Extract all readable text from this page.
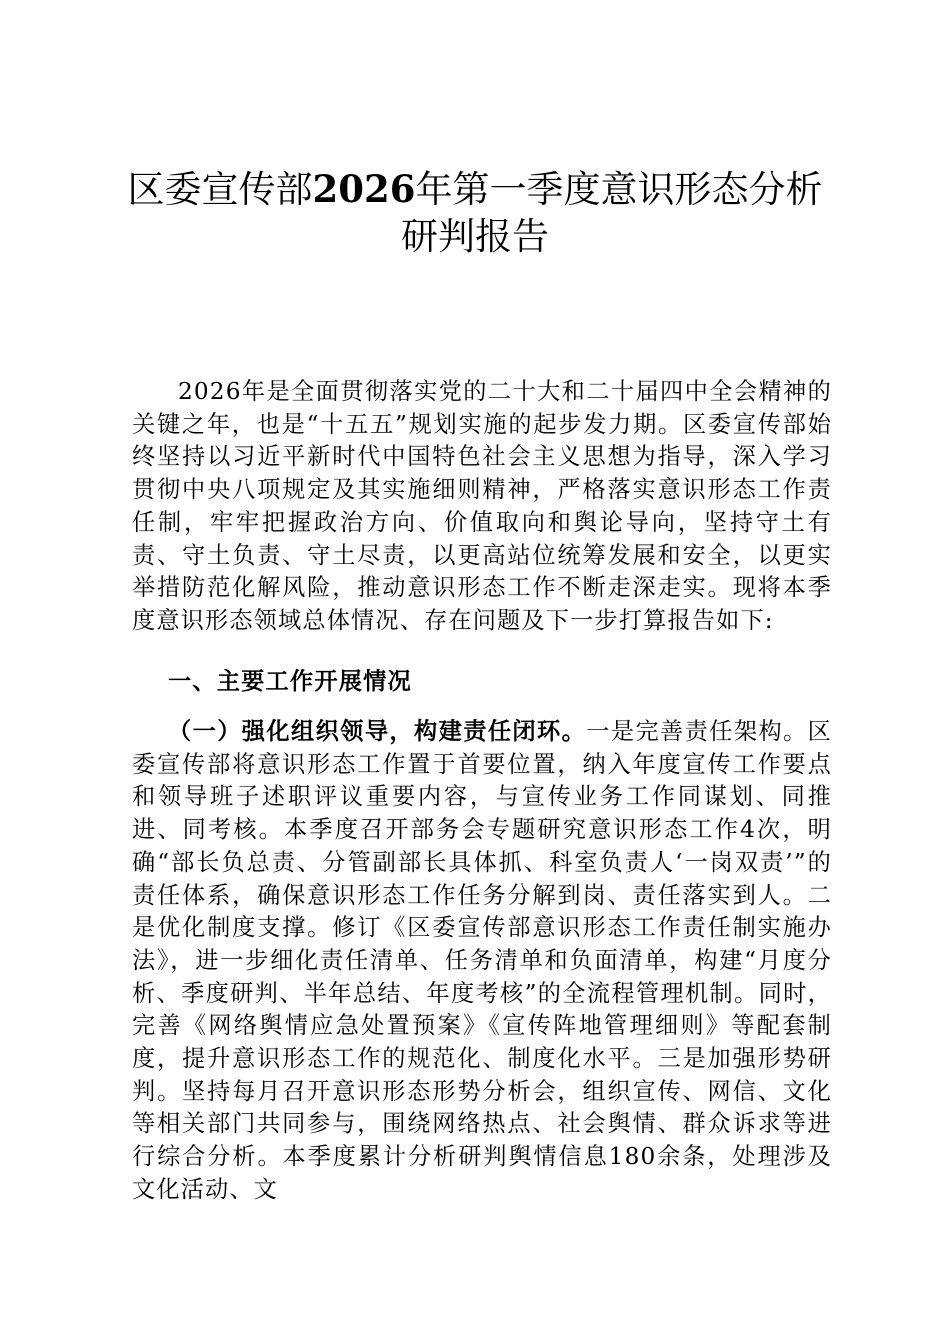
区委宣传部2026年第一季度意识形态分析研判报告
2026年是全面贯彻落实党的二十大和二十届四中全会精神的关键之年，也是“十五五”规划实施的起步发力期。区委宣传部始终坚持以习近平新时代中国特色社会主义思想为指导，深入学习贯彻中央八项规定及其实施细则精神，严格落实意识形态工作责任制，牢牢把握政治方向、价值取向和舆论导向，坚持守土有责、守土负责、守土尽责，以更高站位统筹发展和安全，以更实举措防范化解风险，推动意识形态工作不断走深走实。现将本季度意识形态领域总体情况、存在问题及下一步打算报告如下:
一、主要工作开展情况
（一）强化组织领导，构建责任闭环。一是完善责任架构。区委宣传部将意识形态工作置于首要位置，纳入年度宣传工作要点和领导班子述职评议重要内容，与宣传业务工作同谋划、同推进、同考核。本季度召开部务会专题研究意识形态工作4次，明确“部长负总责、分管副部长具体抓、科室负责人‘一岗双责’”的责任体系，确保意识形态工作任务分解到岗、责任落实到人。二是优化制度支撑。修订《区委宣传部意识形态工作责任制实施办法》，进一步细化责任清单、任务清单和负面清单，构建“月度分析、季度研判、半年总结、年度考核”的全流程管理机制。同时，完善《网络舆情应急处置预案》《宣传阵地管理细则》等配套制度，提升意识形态工作的规范化、制度化水平。三是加强形势研判。坚持每月召开意识形态形势分析会，组织宣传、网信、文化等相关部门共同参与，围绕网络热点、社会舆情、群众诉求等进行综合分析。本季度累计分析研判舆情信息180余条，处理涉及文化活动、文
